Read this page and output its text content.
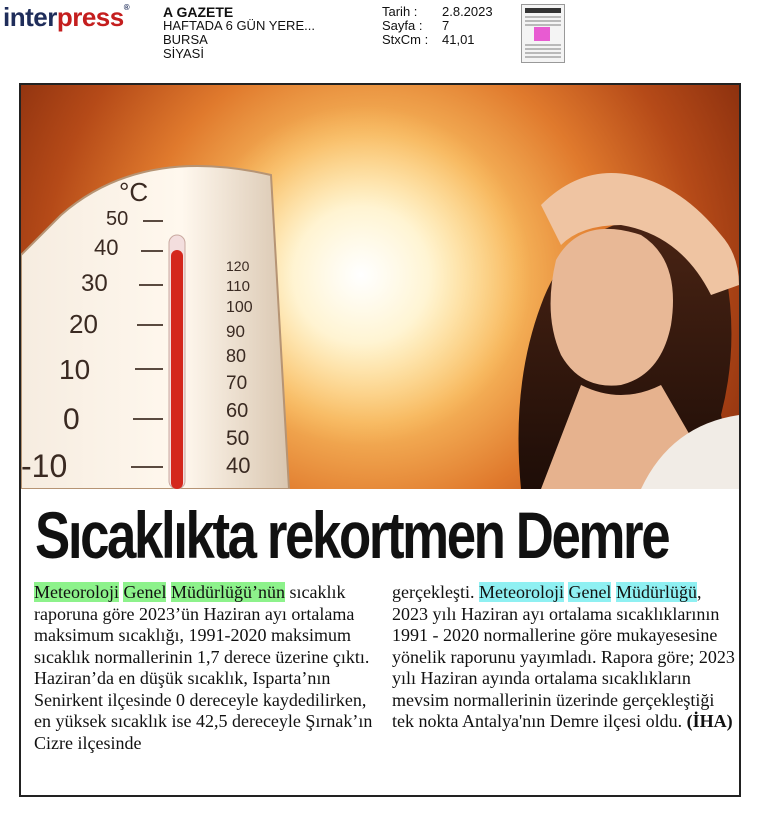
interpress® A GAZETE
HAFTADA 6 GÜN YERE...
BURSA
SİYASİ
Tarih :	2.8.2023
Sayfa :	7
StxCm :	41,01
°C
50
40
30
20
10
0
-10
120
110
100
90
80
70
60
50
40
Sıcaklıkta rekortmen Demre
Meteoroloji Genel Müdürlüğü’nün sıcaklık raporuna göre 2023’ün Haziran ayı ortalama maksimum sıcaklığı, 1991-2020 maksimum sıcaklık normallerinin 1,7 derece üzerine çıktı. Haziran’da en düşük sıcaklık, Isparta’nın Senirkent ilçesinde 0 dereceyle kaydedilirken, en yüksek sıcaklık ise 42,5 dereceyle Şırnak’ın Cizre ilçesinde
gerçekleşti. Meteoroloji Genel Müdürlüğü, 2023 yılı Haziran ayı ortalama sıcaklıklarının 1991 - 2020 normallerine göre mukayesesine yönelik raporunu yayımladı. Rapora göre; 2023 yılı Haziran ayında ortalama sıcaklıkların mevsim normallerinin üzerinde gerçekleştiği tek nokta Antalya'nın Demre ilçesi oldu. (İHA)
